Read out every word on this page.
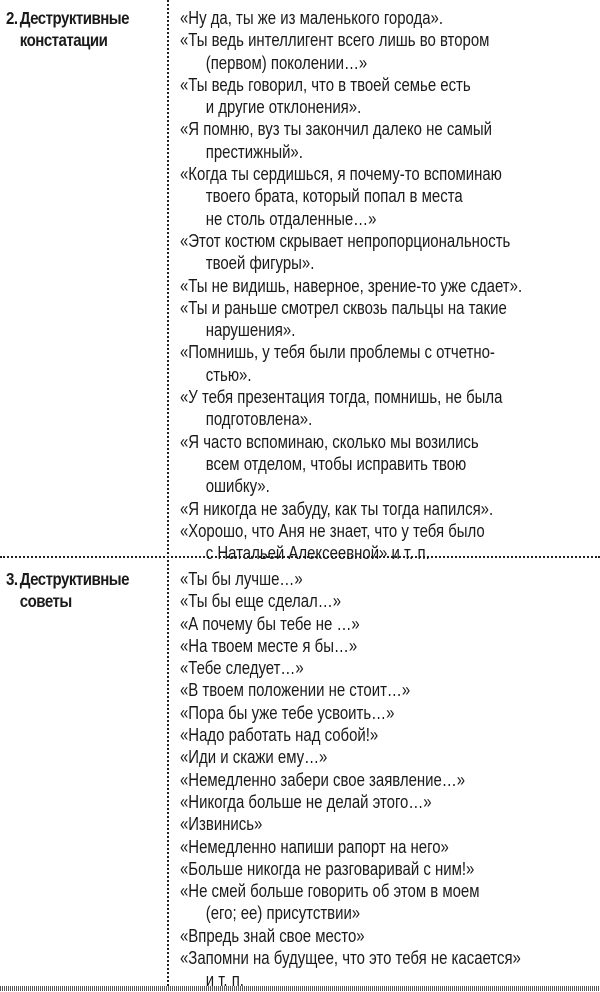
2. Деструктивные
констатации
«Ну да, ты же из маленького города».
«Ты ведь интеллигент всего лишь во втором
(первом) поколении…»
«Ты ведь говорил, что в твоей семье есть
и другие отклонения».
«Я помню, вуз ты закончил далеко не самый
престижный».
«Когда ты сердишься, я почему-то вспоминаю
твоего брата, который попал в места
не столь отдаленные…»
«Этот костюм скрывает непропорциональность
твоей фигуры».
«Ты не видишь, наверное, зрение-то уже сдает».
«Ты и раньше смотрел сквозь пальцы на такие
нарушения».
«Помнишь, у тебя были проблемы с отчетно-
стью».
«У тебя презентация тогда, помнишь, не была
подготовлена».
«Я часто вспоминаю, сколько мы возились
всем отделом, чтобы исправить твою
ошибку».
«Я никогда не забуду, как ты тогда напился».
«Хорошо, что Аня не знает, что у тебя было
с Натальей Алексеевной» и т. п.
3. Деструктивные
советы
«Ты бы лучше…»
«Ты бы еще сделал…»
«А почему бы тебе не …»
«На твоем месте я бы…»
«Тебе следует…»
«В твоем положении не стоит…»
«Пора бы уже тебе усвоить…»
«Надо работать над собой!»
«Иди и скажи ему…»
«Немедленно забери свое заявление…»
«Никогда больше не делай этого…»
«Извинись»
«Немедленно напиши рапорт на него»
«Больше никогда не разговаривай с ним!»
«Не смей больше говорить об этом в моем
(его; ее) присутствии»
«Впредь знай свое место»
«Запомни на будущее, что это тебя не касается»
и т. п.
